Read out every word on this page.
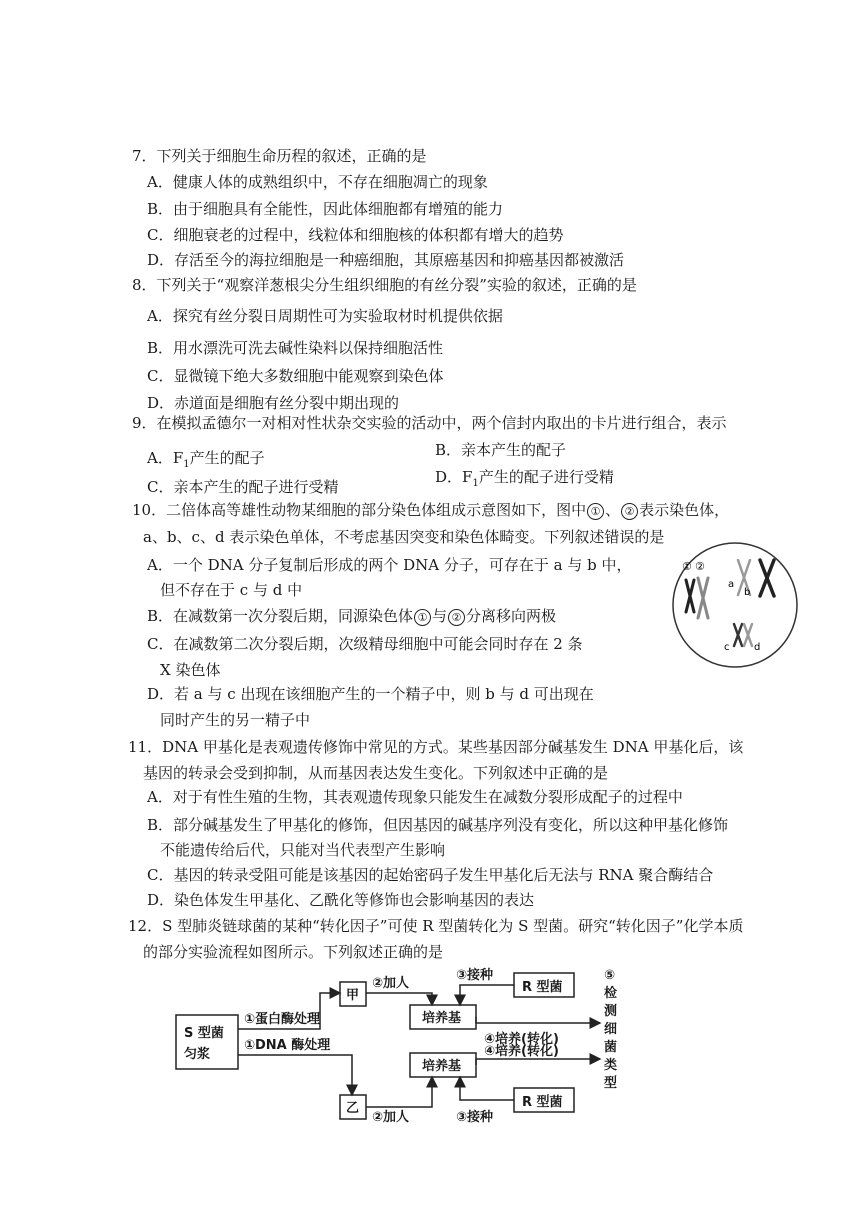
7．下列关于细胞生命历程的叙述，正确的是
A．健康人体的成熟组织中，不存在细胞凋亡的现象
B．由于细胞具有全能性，因此体细胞都有增殖的能力
C．细胞衰老的过程中，线粒体和细胞核的体积都有增大的趋势
D．存活至今的海拉细胞是一种癌细胞，其原癌基因和抑癌基因都被激活
8．下列关于“观察洋葱根尖分生组织细胞的有丝分裂”实验的叙述，正确的是
A．探究有丝分裂日周期性可为实验取材时机提供依据
B．用水漂洗可洗去碱性染料以保持细胞活性
C．显微镜下绝大多数细胞中能观察到染色体
D．赤道面是细胞有丝分裂中期出现的
9．在模拟孟德尔一对相对性状杂交实验的活动中，两个信封内取出的卡片进行组合，表示
A．$F_1$产生的配子	B．亲本产生的配子
C．亲本产生的配子进行受精
D．$F_1$产生的配子进行受精
10．二倍体高等雄性动物某细胞的部分染色体组成示意图如下，图中 ① 、 ② 表示染色体，
a、b、c、d 表示染色单体，不考虑基因突变和染色体畸变。下列叙述错误的是
A．一个 DNA 分子复制后形成的两个 DNA 分子，可存在于 a 与 b 中，
但不存在于 c 与 d 中
B．在减数第一次分裂后期，同源染色体 ① 与 ② 分离移向两极
C．在减数第二次分裂后期，次级精母细胞中可能会同时存在 2 条
X 染色体
D．若 a 与 c 出现在该细胞产生的一个精子中，则 b 与 d 可出现在
同时产生的另一精子中
① ②
a
b
c d
11．DNA 甲基化是表观遗传修饰中常见的方式。某些基因部分碱基发生 DNA 甲基化后，该
基因的转录会受到抑制，从而基因表达发生变化。下列叙述中正确的是
A．对于有性生殖的生物，其表观遗传现象只能发生在减数分裂形成配子的过程中
B．部分碱基发生了甲基化的修饰，但因基因的碱基序列没有变化，所以这种甲基化修饰
不能遗传给后代，只能对当代表型产生影响
C．基因的转录受阻可能是该基因的起始密码子发生甲基化后无法与 RNA 聚合酶结合
D．染色体发生甲基化、乙酰化等修饰也会影响基因的表达
12．S 型肺炎链球菌的某种“转化因子”可使 R 型菌转化为 S 型菌。研究“转化因子”化学本质
的部分实验流程如图所示。下列叙述正确的是
S 型菌
匀浆
甲
乙
①蛋白酶处理
①DNA 酶处理
②加人
②加人
③接种
③接种
R 型菌
R 型菌
培养基
培养基
④培养(转化)
④培养(转化)
⑤
检
测
细
菌
类
型
